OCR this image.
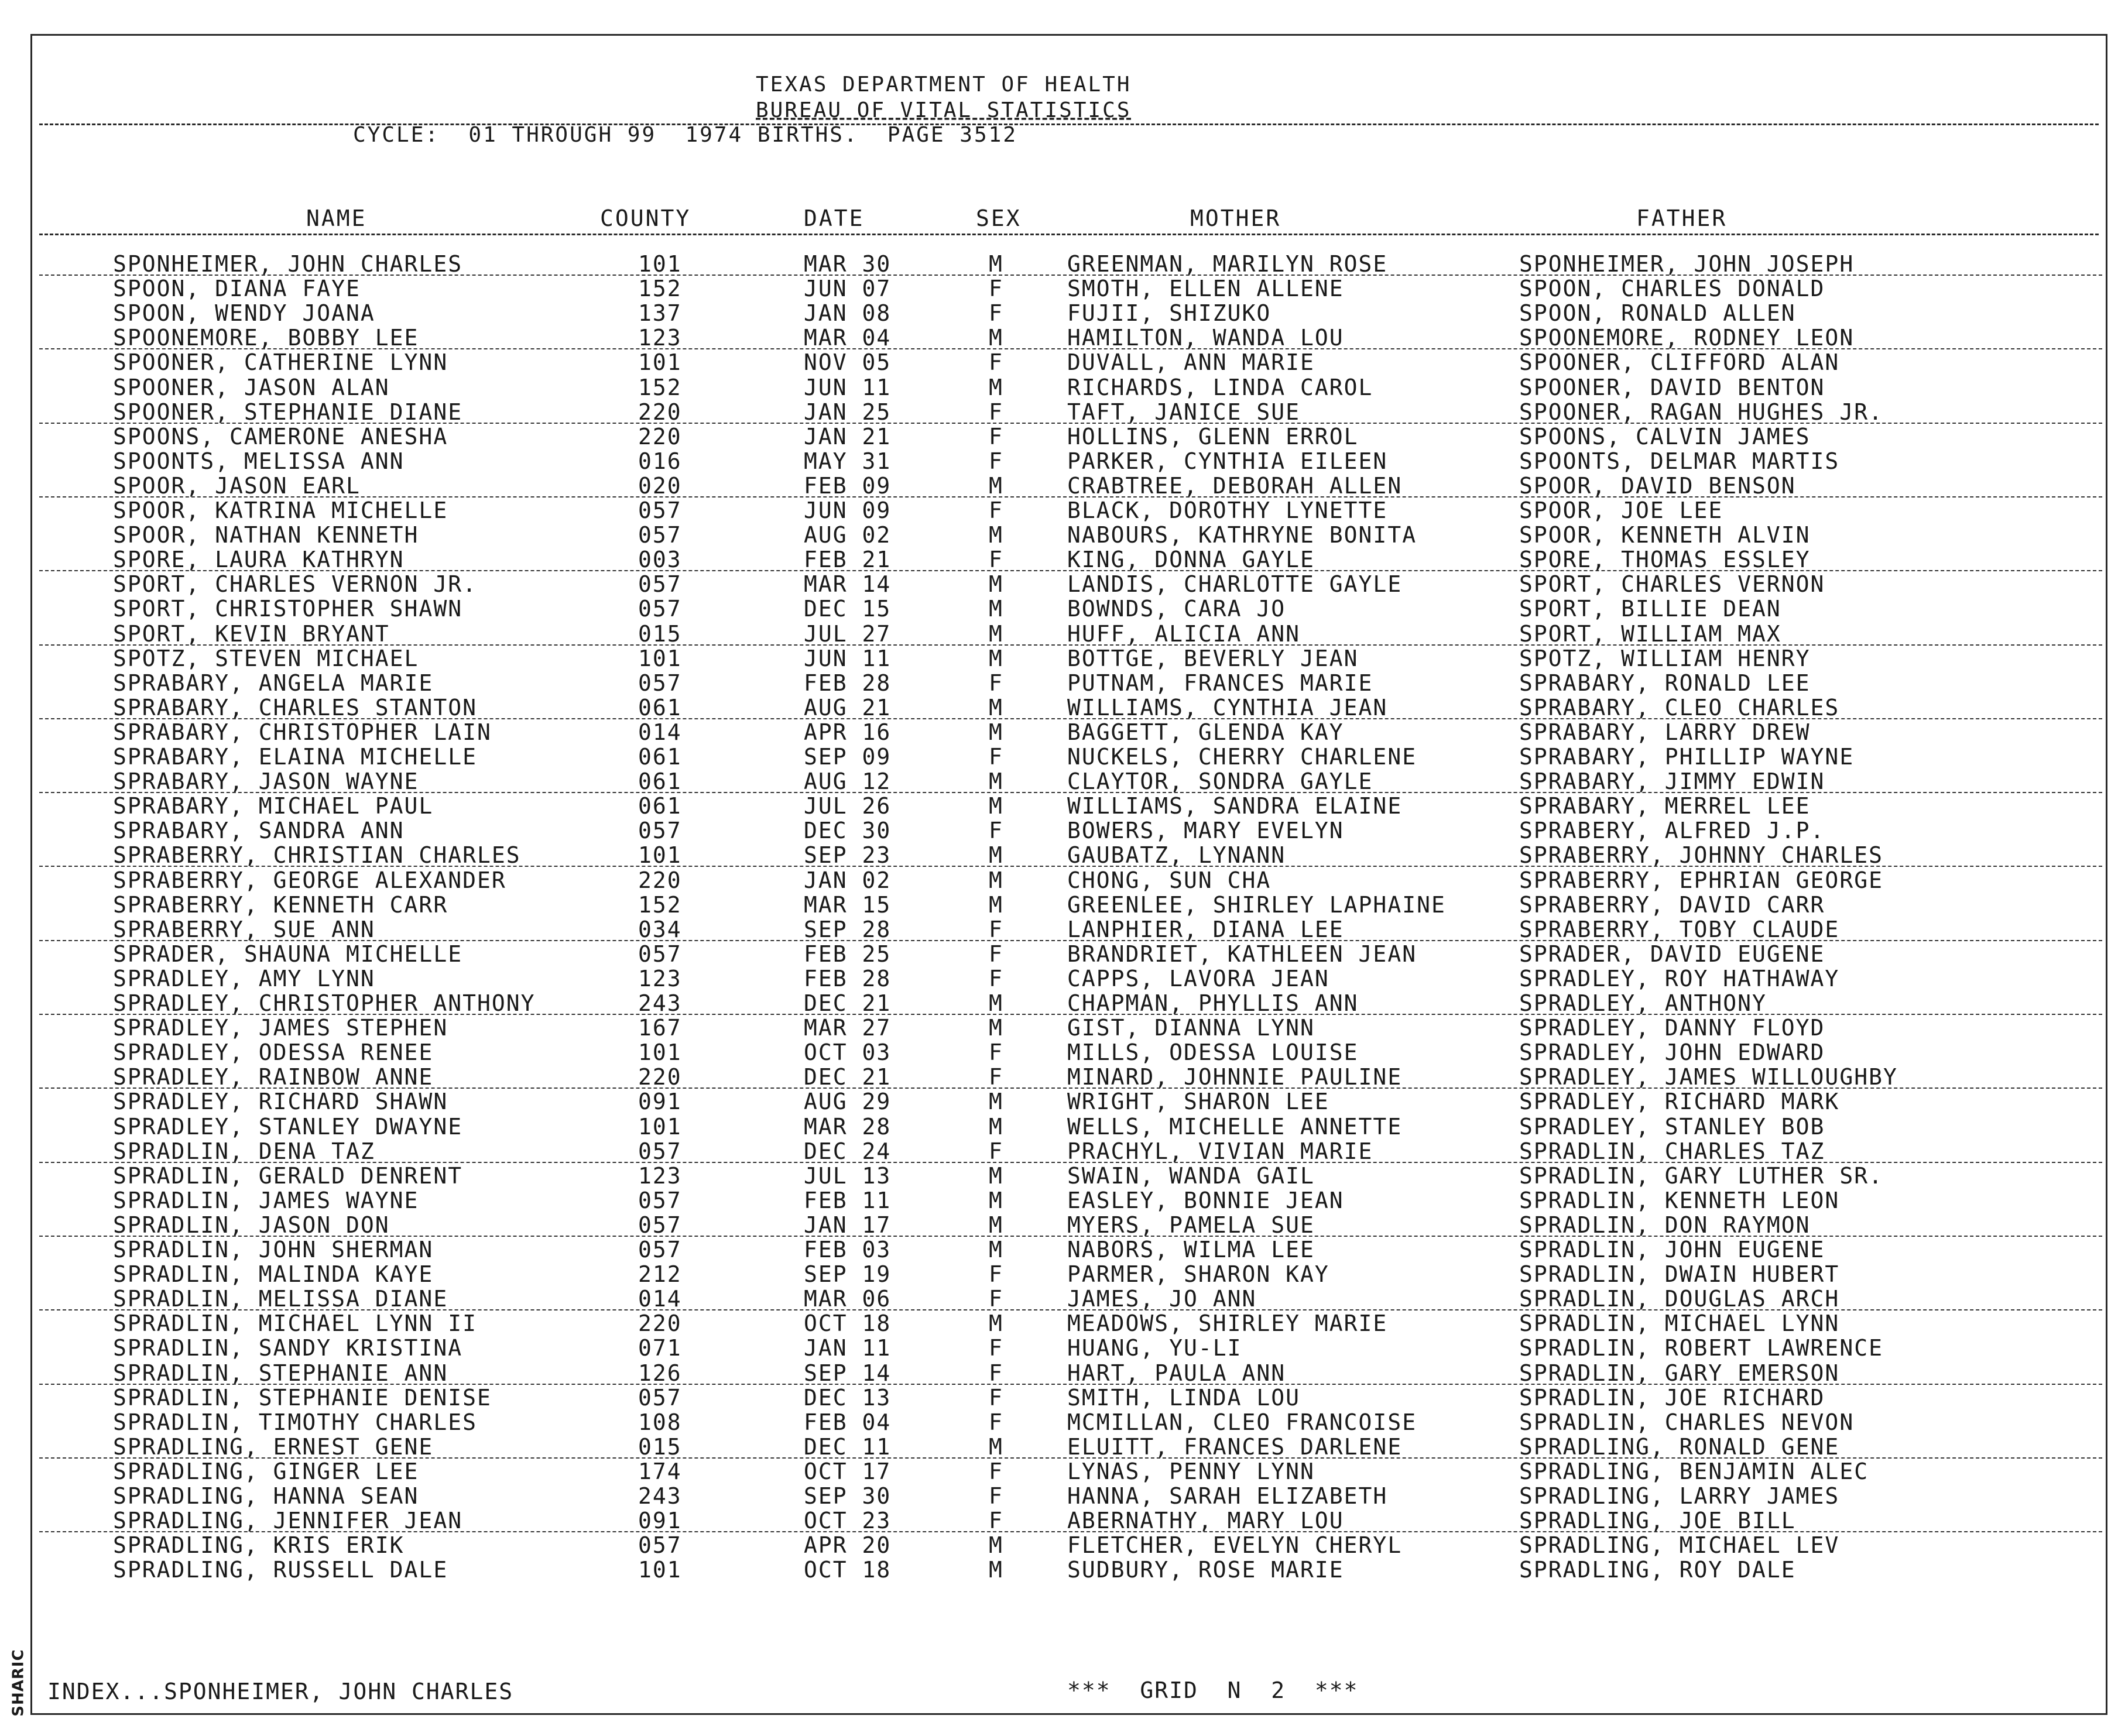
TEXAS DEPARTMENT OF HEALTH
BUREAU OF VITAL STATISTICS
CYCLE:  01 THROUGH 99  1974 BIRTHS.  PAGE 3512
NAME	COUNTY	DATE	SEX	MOTHER	FATHER
SPONHEIMER, JOHN CHARLES	101	MAR 30	M	GREENMAN, MARILYN ROSE	SPONHEIMER, JOHN JOSEPH
SPOON, DIANA FAYE	152	JUN 07	F	SMOTH, ELLEN ALLENE	SPOON, CHARLES DONALD
SPOON, WENDY JOANA	137	JAN 08	F	FUJII, SHIZUKO	SPOON, RONALD ALLEN
SPOONEMORE, BOBBY LEE	123	MAR 04	M	HAMILTON, WANDA LOU	SPOONEMORE, RODNEY LEON
SPOONER, CATHERINE LYNN	101	NOV 05	F	DUVALL, ANN MARIE	SPOONER, CLIFFORD ALAN
SPOONER, JASON ALAN	152	JUN 11	M	RICHARDS, LINDA CAROL	SPOONER, DAVID BENTON
SPOONER, STEPHANIE DIANE	220	JAN 25	F	TAFT, JANICE SUE	SPOONER, RAGAN HUGHES JR.
SPOONS, CAMERONE ANESHA	220	JAN 21	F	HOLLINS, GLENN ERROL	SPOONS, CALVIN JAMES
SPOONTS, MELISSA ANN	016	MAY 31	F	PARKER, CYNTHIA EILEEN	SPOONTS, DELMAR MARTIS
SPOOR, JASON EARL	020	FEB 09	M	CRABTREE, DEBORAH ALLEN	SPOOR, DAVID BENSON
SPOOR, KATRINA MICHELLE	057	JUN 09	F	BLACK, DOROTHY LYNETTE	SPOOR, JOE LEE
SPOOR, NATHAN KENNETH	057	AUG 02	M	NABOURS, KATHRYNE BONITA	SPOOR, KENNETH ALVIN
SPORE, LAURA KATHRYN	003	FEB 21	F	KING, DONNA GAYLE	SPORE, THOMAS ESSLEY
SPORT, CHARLES VERNON JR.	057	MAR 14	M	LANDIS, CHARLOTTE GAYLE	SPORT, CHARLES VERNON
SPORT, CHRISTOPHER SHAWN	057	DEC 15	M	BOWNDS, CARA JO	SPORT, BILLIE DEAN
SPORT, KEVIN BRYANT	015	JUL 27	M	HUFF, ALICIA ANN	SPORT, WILLIAM MAX
SPOTZ, STEVEN MICHAEL	101	JUN 11	M	BOTTGE, BEVERLY JEAN	SPOTZ, WILLIAM HENRY
SPRABARY, ANGELA MARIE	057	FEB 28	F	PUTNAM, FRANCES MARIE	SPRABARY, RONALD LEE
SPRABARY, CHARLES STANTON	061	AUG 21	M	WILLIAMS, CYNTHIA JEAN	SPRABARY, CLEO CHARLES
SPRABARY, CHRISTOPHER LAIN	014	APR 16	M	BAGGETT, GLENDA KAY	SPRABARY, LARRY DREW
SPRABARY, ELAINA MICHELLE	061	SEP 09	F	NUCKELS, CHERRY CHARLENE	SPRABARY, PHILLIP WAYNE
SPRABARY, JASON WAYNE	061	AUG 12	M	CLAYTOR, SONDRA GAYLE	SPRABARY, JIMMY EDWIN
SPRABARY, MICHAEL PAUL	061	JUL 26	M	WILLIAMS, SANDRA ELAINE	SPRABARY, MERREL LEE
SPRABARY, SANDRA ANN	057	DEC 30	F	BOWERS, MARY EVELYN	SPRABERY, ALFRED J.P.
SPRABERRY, CHRISTIAN CHARLES	101	SEP 23	M	GAUBATZ, LYNANN	SPRABERRY, JOHNNY CHARLES
SPRABERRY, GEORGE ALEXANDER	220	JAN 02	M	CHONG, SUN CHA	SPRABERRY, EPHRIAN GEORGE
SPRABERRY, KENNETH CARR	152	MAR 15	M	GREENLEE, SHIRLEY LAPHAINE	SPRABERRY, DAVID CARR
SPRABERRY, SUE ANN	034	SEP 28	F	LANPHIER, DIANA LEE	SPRABERRY, TOBY CLAUDE
SPRADER, SHAUNA MICHELLE	057	FEB 25	F	BRANDRIET, KATHLEEN JEAN	SPRADER, DAVID EUGENE
SPRADLEY, AMY LYNN	123	FEB 28	F	CAPPS, LAVORA JEAN	SPRADLEY, ROY HATHAWAY
SPRADLEY, CHRISTOPHER ANTHONY	243	DEC 21	M	CHAPMAN, PHYLLIS ANN	SPRADLEY, ANTHONY
SPRADLEY, JAMES STEPHEN	167	MAR 27	M	GIST, DIANNA LYNN	SPRADLEY, DANNY FLOYD
SPRADLEY, ODESSA RENEE	101	OCT 03	F	MILLS, ODESSA LOUISE	SPRADLEY, JOHN EDWARD
SPRADLEY, RAINBOW ANNE	220	DEC 21	F	MINARD, JOHNNIE PAULINE	SPRADLEY, JAMES WILLOUGHBY
SPRADLEY, RICHARD SHAWN	091	AUG 29	M	WRIGHT, SHARON LEE	SPRADLEY, RICHARD MARK
SPRADLEY, STANLEY DWAYNE	101	MAR 28	M	WELLS, MICHELLE ANNETTE	SPRADLEY, STANLEY BOB
SPRADLIN, DENA TAZ	057	DEC 24	F	PRACHYL, VIVIAN MARIE	SPRADLIN, CHARLES TAZ
SPRADLIN, GERALD DENRENT	123	JUL 13	M	SWAIN, WANDA GAIL	SPRADLIN, GARY LUTHER SR.
SPRADLIN, JAMES WAYNE	057	FEB 11	M	EASLEY, BONNIE JEAN	SPRADLIN, KENNETH LEON
SPRADLIN, JASON DON	057	JAN 17	M	MYERS, PAMELA SUE	SPRADLIN, DON RAYMON
SPRADLIN, JOHN SHERMAN	057	FEB 03	M	NABORS, WILMA LEE	SPRADLIN, JOHN EUGENE
SPRADLIN, MALINDA KAYE	212	SEP 19	F	PARMER, SHARON KAY	SPRADLIN, DWAIN HUBERT
SPRADLIN, MELISSA DIANE	014	MAR 06	F	JAMES, JO ANN	SPRADLIN, DOUGLAS ARCH
SPRADLIN, MICHAEL LYNN II	220	OCT 18	M	MEADOWS, SHIRLEY MARIE	SPRADLIN, MICHAEL LYNN
SPRADLIN, SANDY KRISTINA	071	JAN 11	F	HUANG, YU-LI	SPRADLIN, ROBERT LAWRENCE
SPRADLIN, STEPHANIE ANN	126	SEP 14	F	HART, PAULA ANN	SPRADLIN, GARY EMERSON
SPRADLIN, STEPHANIE DENISE	057	DEC 13	F	SMITH, LINDA LOU	SPRADLIN, JOE RICHARD
SPRADLIN, TIMOTHY CHARLES	108	FEB 04	F	MCMILLAN, CLEO FRANCOISE	SPRADLIN, CHARLES NEVON
SPRADLING, ERNEST GENE	015	DEC 11	M	ELUITT, FRANCES DARLENE	SPRADLING, RONALD GENE
SPRADLING, GINGER LEE	174	OCT 17	F	LYNAS, PENNY LYNN	SPRADLING, BENJAMIN ALEC
SPRADLING, HANNA SEAN	243	SEP 30	F	HANNA, SARAH ELIZABETH	SPRADLING, LARRY JAMES
SPRADLING, JENNIFER JEAN	091	OCT 23	F	ABERNATHY, MARY LOU	SPRADLING, JOE BILL
SPRADLING, KRIS ERIK	057	APR 20	M	FLETCHER, EVELYN CHERYL	SPRADLING, MICHAEL LEV
SPRADLING, RUSSELL DALE	101	OCT 18	M	SUDBURY, ROSE MARIE	SPRADLING, ROY DALE
INDEX...SPONHEIMER, JOHN CHARLES	***  GRID  N  2  ***
SHARIC
